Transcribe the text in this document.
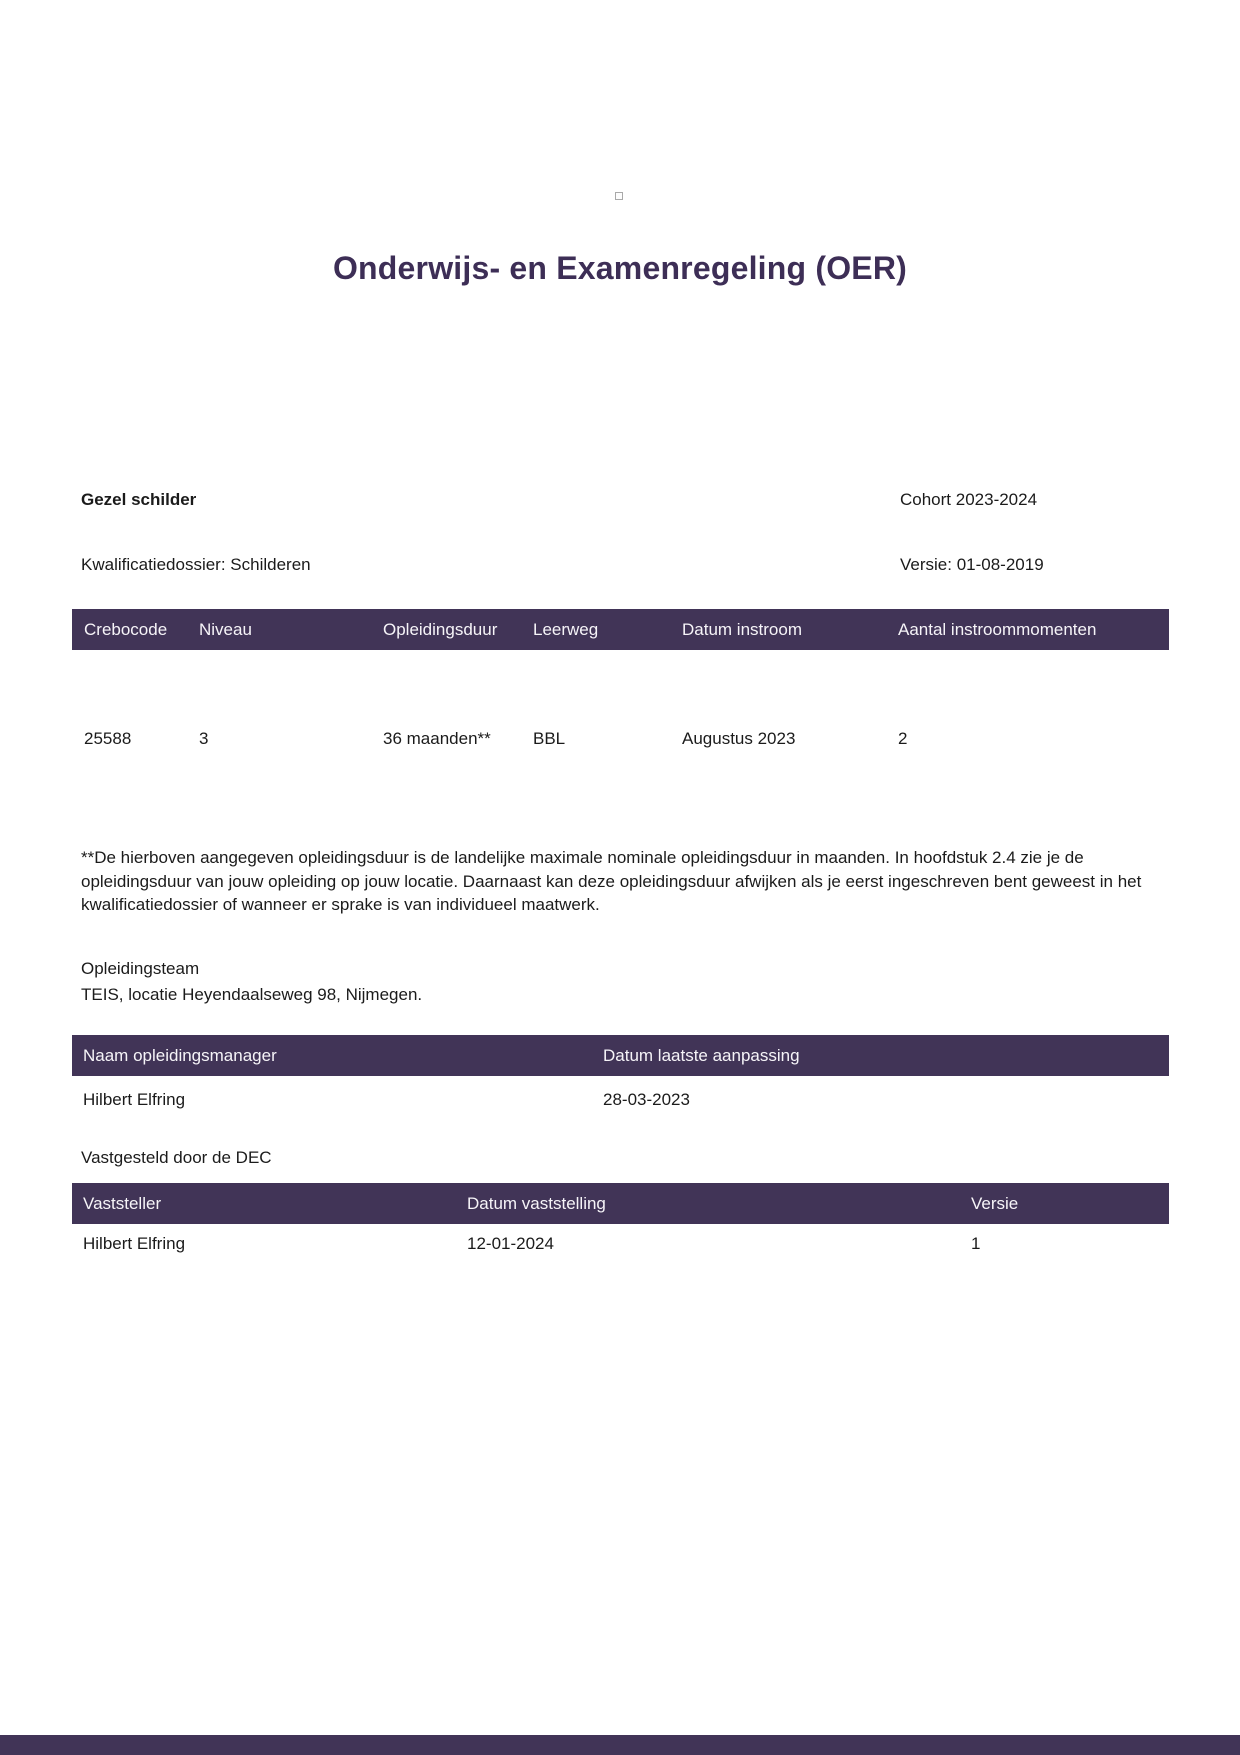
Onderwijs- en Examenregeling (OER)
Gezel schilder	Cohort 2023-2024
Kwalificatiedossier: Schilderen	Versie: 01-08-2019
Crebocode	Niveau	Opleidingsduur	Leerweg	Datum instroom	Aantal instroommomenten
25588	3	36 maanden**	BBL	Augustus 2023	2

**De hierboven aangegeven opleidingsduur is de landelijke maximale nominale opleidingsduur in maanden. In hoofdstuk 2.4 zie je de opleidingsduur van jouw opleiding op jouw locatie. Daarnaast kan deze opleidingsduur afwijken als je eerst ingeschreven bent geweest in het kwalificatiedossier of wanneer er sprake is van individueel maatwerk.

Opleidingsteam
TEIS, locatie Heyendaalseweg 98, Nijmegen.
Naam opleidingsmanager	Datum laatste aanpassing
Hilbert Elfring	28-03-2023
Vastgesteld door de DEC
Vaststeller	Datum vaststelling	Versie
Hilbert Elfring	12-01-2024	1
